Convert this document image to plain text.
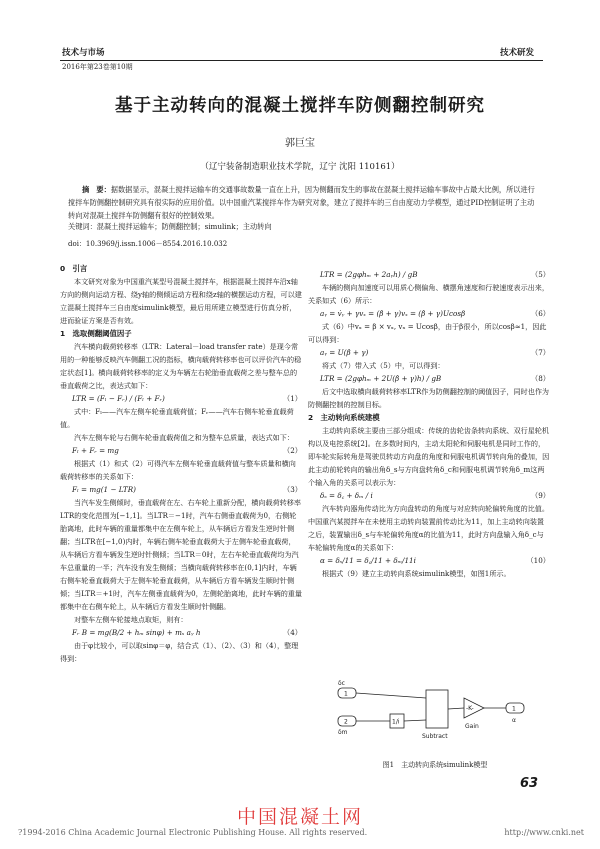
技术与市场	技术研发
2016年第23卷第10期
基于主动转向的混凝土搅拌车防侧翻控制研究
郭巨宝
（辽宁装备制造职业技术学院，辽宁 沈阳 110161）
摘　要：据数据显示，混凝土搅拌运输车的交通事故数量一直在上升，因为侧翻而发生的事故在混凝土搅拌运输车事故中占最大比例，所以进行搅拌车防侧翻控制研究具有很实际的应用价值。以中国重汽某搅拌车作为研究对象，建立了搅拌车的三自由度动力学模型，通过PID控制证明了主动转向对混凝土搅拌车防侧翻有很好的控制效果。
关键词：混凝土搅拌运输车；防侧翻控制；simulink；主动转向
doi：10.3969/j.issn.1006－8554.2016.10.032

0　引言

本文研究对象为中国重汽某型号混凝土搅拌车，根据混凝土搅拌车沿x轴方向的侧向运动方程、绕y轴的侧倾运动方程和绕z轴的横摆运动方程，可以建立混凝土搅拌车三自由度simulink模型，最后用所建立模型进行仿真分析，进而验证方案是否有效。

1　选取侧翻阈值因子

汽车横向载荷转移率（LTR：Lateral－load transfer rate）是现今常用的一种能够反映汽车侧翻工况的指标，横向载荷转移率也可以评价汽车的稳定状态[1]。横向载荷转移率的定义为车辆左右轮胎垂直载荷之差与整车总的垂直载荷之比，表达式如下：

LTR = (Fₗ − Fᵣ) / (Fₗ + Fᵣ)	（1）

式中：Fₗ——汽车左侧车轮垂直载荷值；Fᵣ——汽车右侧车轮垂直载荷值。

汽车左侧车轮与右侧车轮垂直载荷值之和为整车总质量，表达式如下：

Fₗ + Fᵣ = mg	（2）

根据式（1）和式（2）可得汽车左侧车轮垂直载荷值与整车质量和横向载荷转移率的关系如下：

Fₗ = mg(1 − LTR)	（3）

当汽车发生侧倾时，垂直载荷在左、右车轮上重新分配，横向载荷转移率LTR的变化范围为[−1,1]。当LTR＝−1时，汽车右侧垂直载荷为0，右侧轮胎离地，此时车辆的重量都集中在左侧车轮上，从车辆后方看发生逆时针侧翻；当LTR在[−1,0)内时，车辆右侧车轮垂直载荷大于左侧车轮垂直载荷，从车辆后方看车辆发生逆时针侧倾；当LTR＝0时，左右车轮垂直载荷均为汽车总重量的一半；汽车没有发生侧倾；当横向载荷转移率在(0,1]内时，车辆右侧车轮垂直载荷大于左侧车轮垂直载荷，从车辆后方看车辆发生顺时针侧倾；当LTR＝+1时，汽车左侧垂直载荷为0，左侧轮胎离地，此时车辆的重量都集中在右侧车轮上，从车辆后方看发生顺时针侧翻。

对整车左侧车轮接地点取矩，则有：

Fᵣ B = mg(B/2 + hₘ sinφ) + mₛ aᵧ h	（4）

由于φ比较小，可以取sinφ＝φ，结合式（1）、（2）、（3）和（4），整理得到：

LTR = (2gφhₘ + 2aᵧh) / gB	（5）

车辆的侧向加速度可以用质心侧偏角、横摆角速度和行驶速度表示出来，关系如式（6）所示：

aᵧ = v̇ᵧ + γvₓ = (β̇ + γ)vₓ = (β̇ + γ)Ucosβ	（6）

式（6）中vₓ = β × vₓ, vₓ = Ucosβ，由于β很小，所以cosβ≈1，因此可以得到：

aᵧ = U(β̇ + γ)	（7）

将式（7）带入式（5）中，可以得到：

LTR = (2gφhₘ + 2U(β̇ + γ)h) / gB	（8）

后文中选取横向载荷转移率LTR作为防侧翻控制的阈值因子，同时也作为防侧翻控制的控制目标。

2　主动转向系统建模

主动转向系统主要由三部分组成：传统的齿轮齿条转向系统、双行星轮机构以及电控系统[2]。在多数时间内，主动太阳轮和伺服电机是同时工作的，即车轮实际转角是驾驶员转动方向盘的角度和伺服电机调节转向角的叠加，因此主动前轮转向的输出角δ_s与方向盘转角δ_c和伺服电机调节转角δ_m这两个输入角的关系可以表示为：

δₛ = δ꜀ + δₘ / i	（9）

汽车转向器角传动比为方向盘转动的角度与对应转向轮偏转角度的比值。中国重汽某搅拌车在未使用主动转向装置前传动比为11，加上主动转向装置之后，装置输出δ_s与车轮偏转角度α的比值为11，此时方向盘输入角δ_c与车轮偏转角度α的关系如下：

α = δₛ/11 = δ꜀/11 + δₘ/11i	（10）

根据式（9）建立主动转向系统simulink模型，如图1所示。

1
2
1
δc
δm
1/i
Subtract
-K-
Gain
α
图1　主动转向系统simulink模型
63
中国混凝土网
?1994-2016 China Academic Journal Electronic Publishing House. All rights reserved.	http://www.cnki.net
